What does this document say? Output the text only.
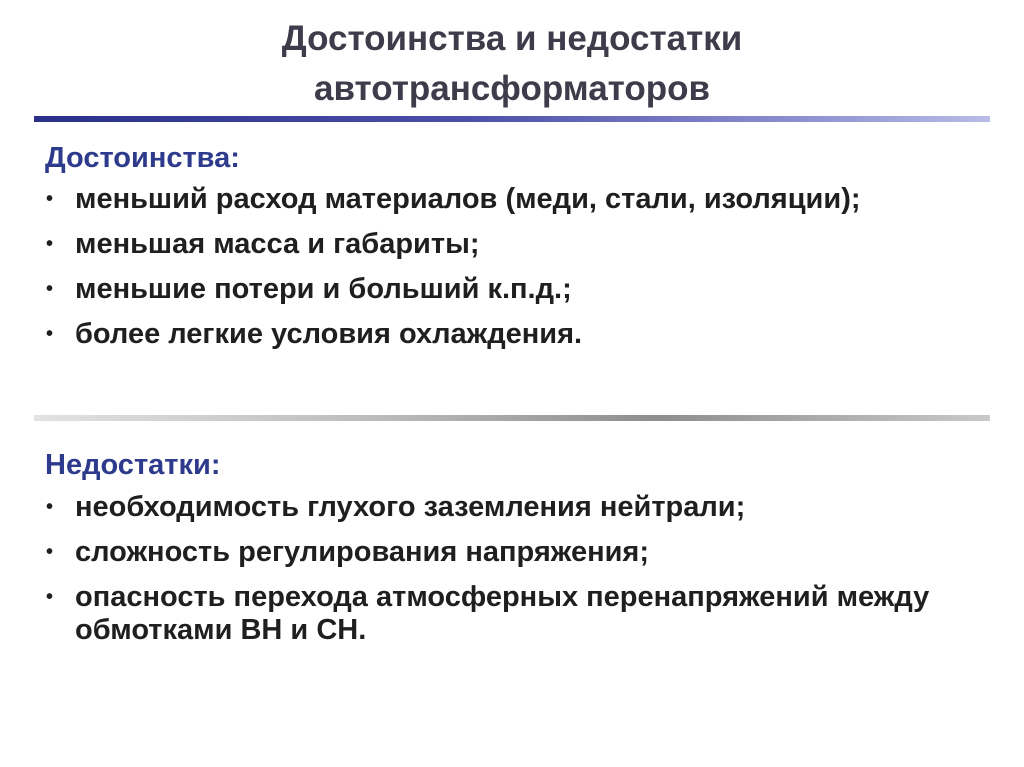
Достоинства и недостатки
автотрансформаторов
Достоинства:
• меньший расход материалов (меди, стали, изоляции);
• меньшая масса и габариты;
• меньшие потери и больший к.п.д.;
• более легкие условия охлаждения.
Недостатки:
• необходимость глухого заземления нейтрали;
• сложность регулирования напряжения;
• опасность перехода атмосферных перенапряжений между обмотками ВН и СН.
